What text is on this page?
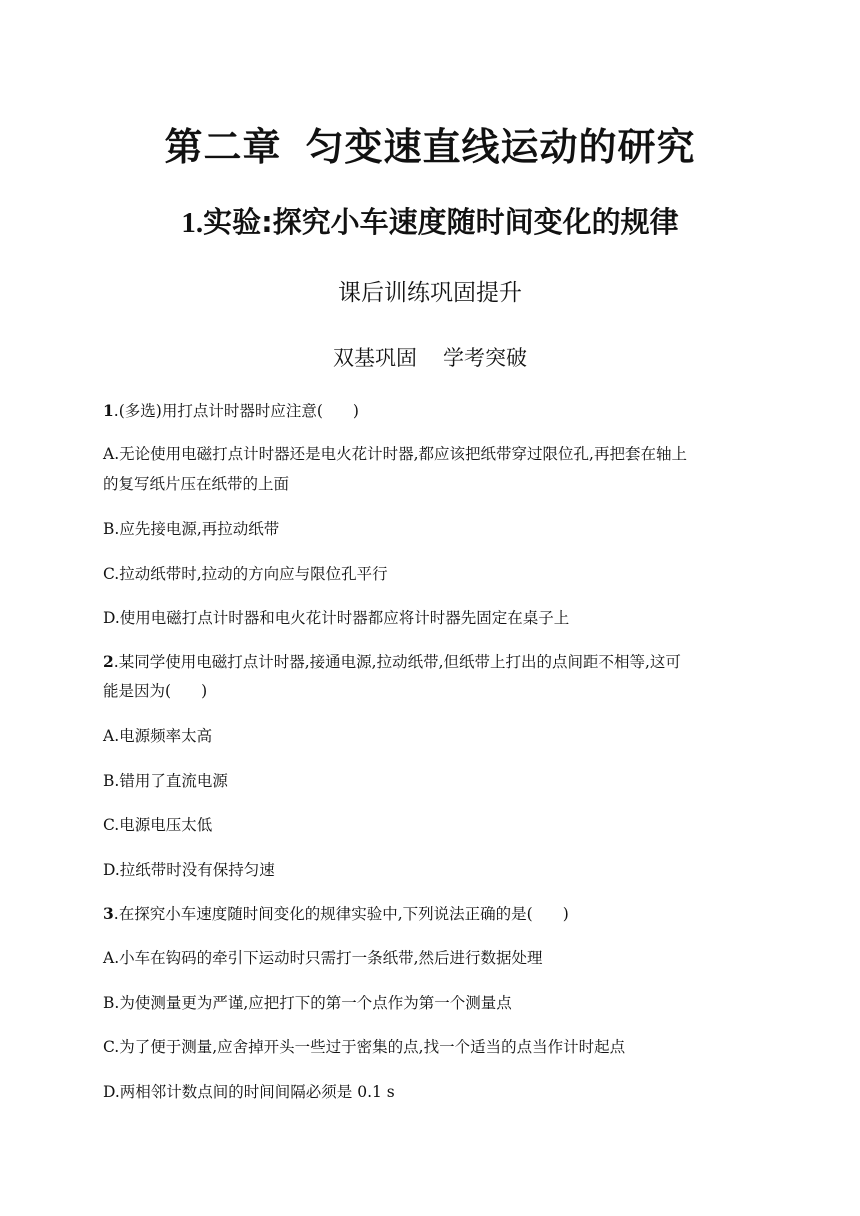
第二章 匀变速直线运动的研究
1.实验:探究小车速度随时间变化的规律
课后训练巩固提升
双基巩固 学考突破
1.(多选)用打点计时器时应注意( )
A.无论使用电磁打点计时器还是电火花计时器,都应该把纸带穿过限位孔,再把套在轴上
的复写纸片压在纸带的上面
B.应先接电源,再拉动纸带
C.拉动纸带时,拉动的方向应与限位孔平行
D.使用电磁打点计时器和电火花计时器都应将计时器先固定在桌子上
2.某同学使用电磁打点计时器,接通电源,拉动纸带,但纸带上打出的点间距不相等,这可
能是因为( )
A.电源频率太高
B.错用了直流电源
C.电源电压太低
D.拉纸带时没有保持匀速
3.在探究小车速度随时间变化的规律实验中,下列说法正确的是( )
A.小车在钩码的牵引下运动时只需打一条纸带,然后进行数据处理
B.为使测量更为严谨,应把打下的第一个点作为第一个测量点
C.为了便于测量,应舍掉开头一些过于密集的点,找一个适当的点当作计时起点
D.两相邻计数点间的时间间隔必须是 0.1 s
